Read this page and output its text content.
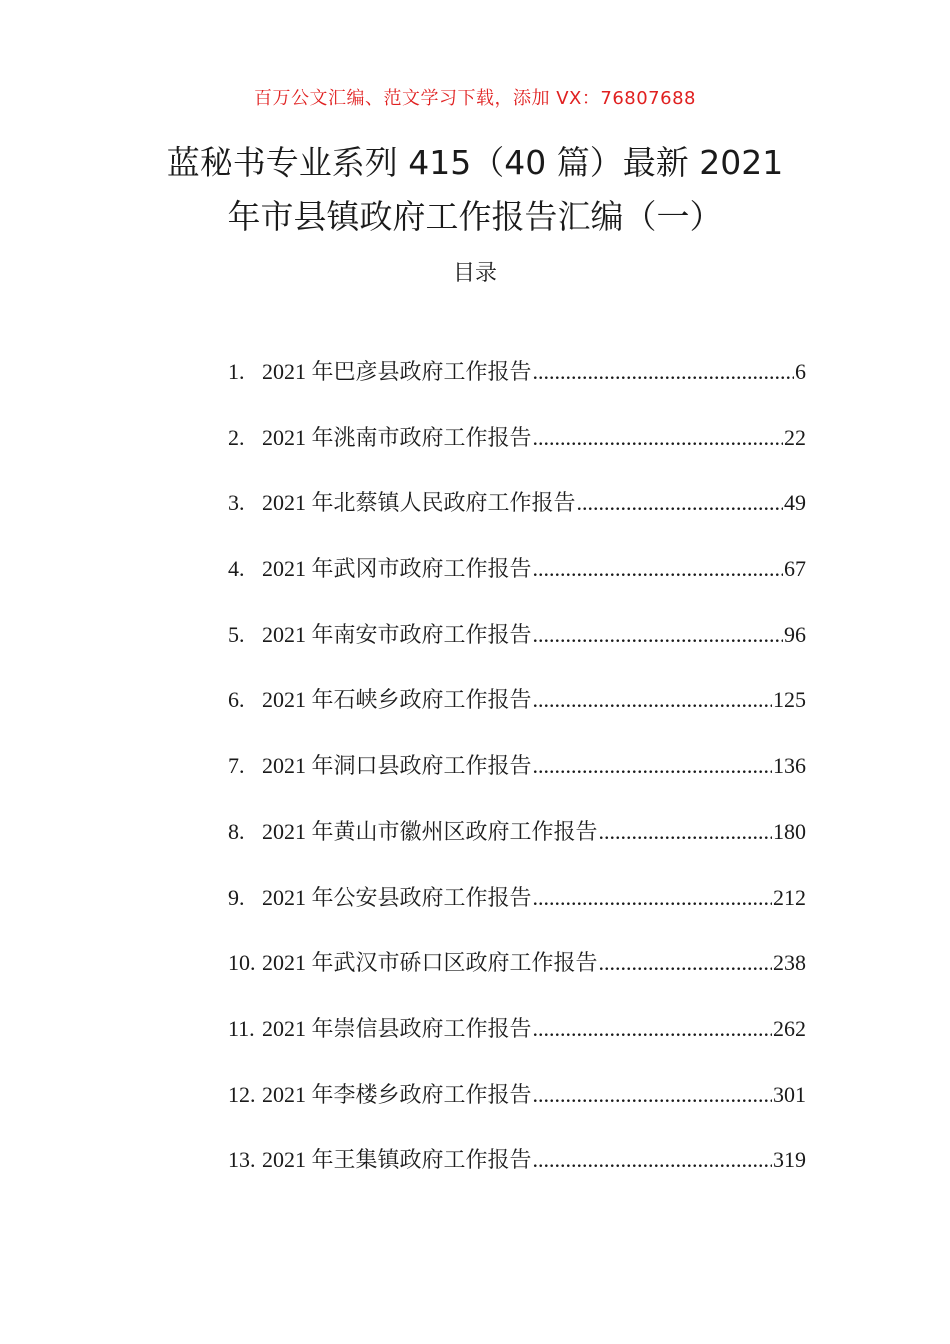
百万公文汇编、范文学习下载，添加 VX：76807688
蓝秘书专业系列 415（40 篇）最新 2021
年市县镇政府工作报告汇编（一）
目录
1. 2021 年巴彦县政府工作报告 .....	6
2. 2021 年洮南市政府工作报告 .....	22
3. 2021 年北蔡镇人民政府工作报告 .....	49
4. 2021 年武冈市政府工作报告 .....	67
5. 2021 年南安市政府工作报告 .....	96
6. 2021 年石峡乡政府工作报告 .....	125
7. 2021 年洞口县政府工作报告 .....	136
8. 2021 年黄山市徽州区政府工作报告 .....	180
9. 2021 年公安县政府工作报告 .....	212
10. 2021 年武汉市硚口区政府工作报告 .....	238
11. 2021 年崇信县政府工作报告 .....	262
12. 2021 年李楼乡政府工作报告 .....	301
13. 2021 年王集镇政府工作报告 .....	319
